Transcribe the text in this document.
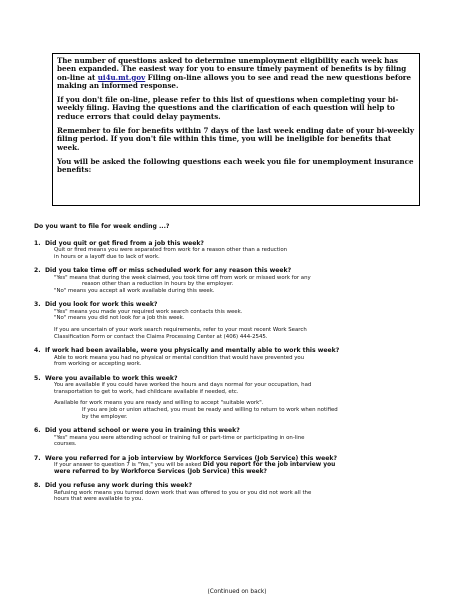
The number of questions asked to determine unemployment eligibility each week has been expanded. The easiest way for you to ensure timely payment of benefits is by filing on-line at ui4u.mt.gov Filing on-line allows you to see and read the new questions before making an informed response.

If you don't file on-line, please refer to this list of questions when completing your bi-weekly filing. Having the questions and the clarification of each question will help to reduce errors that could delay payments.

Remember to file for benefits within 7 days of the last week ending date of your bi-weekly filing period. If you don't file within this time, you will be ineligible for benefits that week.

You will be asked the following questions each week you file for unemployment insurance benefits:

Do you want to file for week ending ...?
1. Did you quit or get fired from a job this week?

Quit or fired means you were separated from work for a reason other than a reduction

in hours or a layoff due to lack of work.

2. Did you take time off or miss scheduled work for any reason this week?

"Yes" means that during the week claimed, you took time off from work or missed work for any

reason other than a reduction in hours by the employer.

"No" means you accept all work available during this week.

3. Did you look for work this week?

"Yes" means you made your required work search contacts this week.

"No" means you did not look for a job this week.

If you are uncertain of your work search requirements, refer to your most recent Work Search

Classification Form or contact the Claims Processing Center at (406) 444-2545.

4. If work had been available, were you physically and mentally able to work this week?

Able to work means you had no physical or mental condition that would have prevented you

from working or accepting work.

5. Were you available to work this week?

You are available if you could have worked the hours and days normal for your occupation, had

transportation to get to work, had childcare available if needed, etc.

Available for work means you are ready and willing to accept "suitable work".

If you are job or union attached, you must be ready and willing to return to work when notified

by the employer.

6. Did you attend school or were you in training this week?

"Yes" means you were attending school or training full or part-time or participating in on-line

courses.

7. Were you referred for a job interview by Workforce Services (Job Service) this week?

If your answer to question 7 is "Yes," you will be asked Did you report for the job interview you

were referred to by Workforce Services (Job Service) this week?

8. Did you refuse any work during this week?

Refusing work means you turned down work that was offered to you or you did not work all the

hours that were available to you.

(Continued on back)
